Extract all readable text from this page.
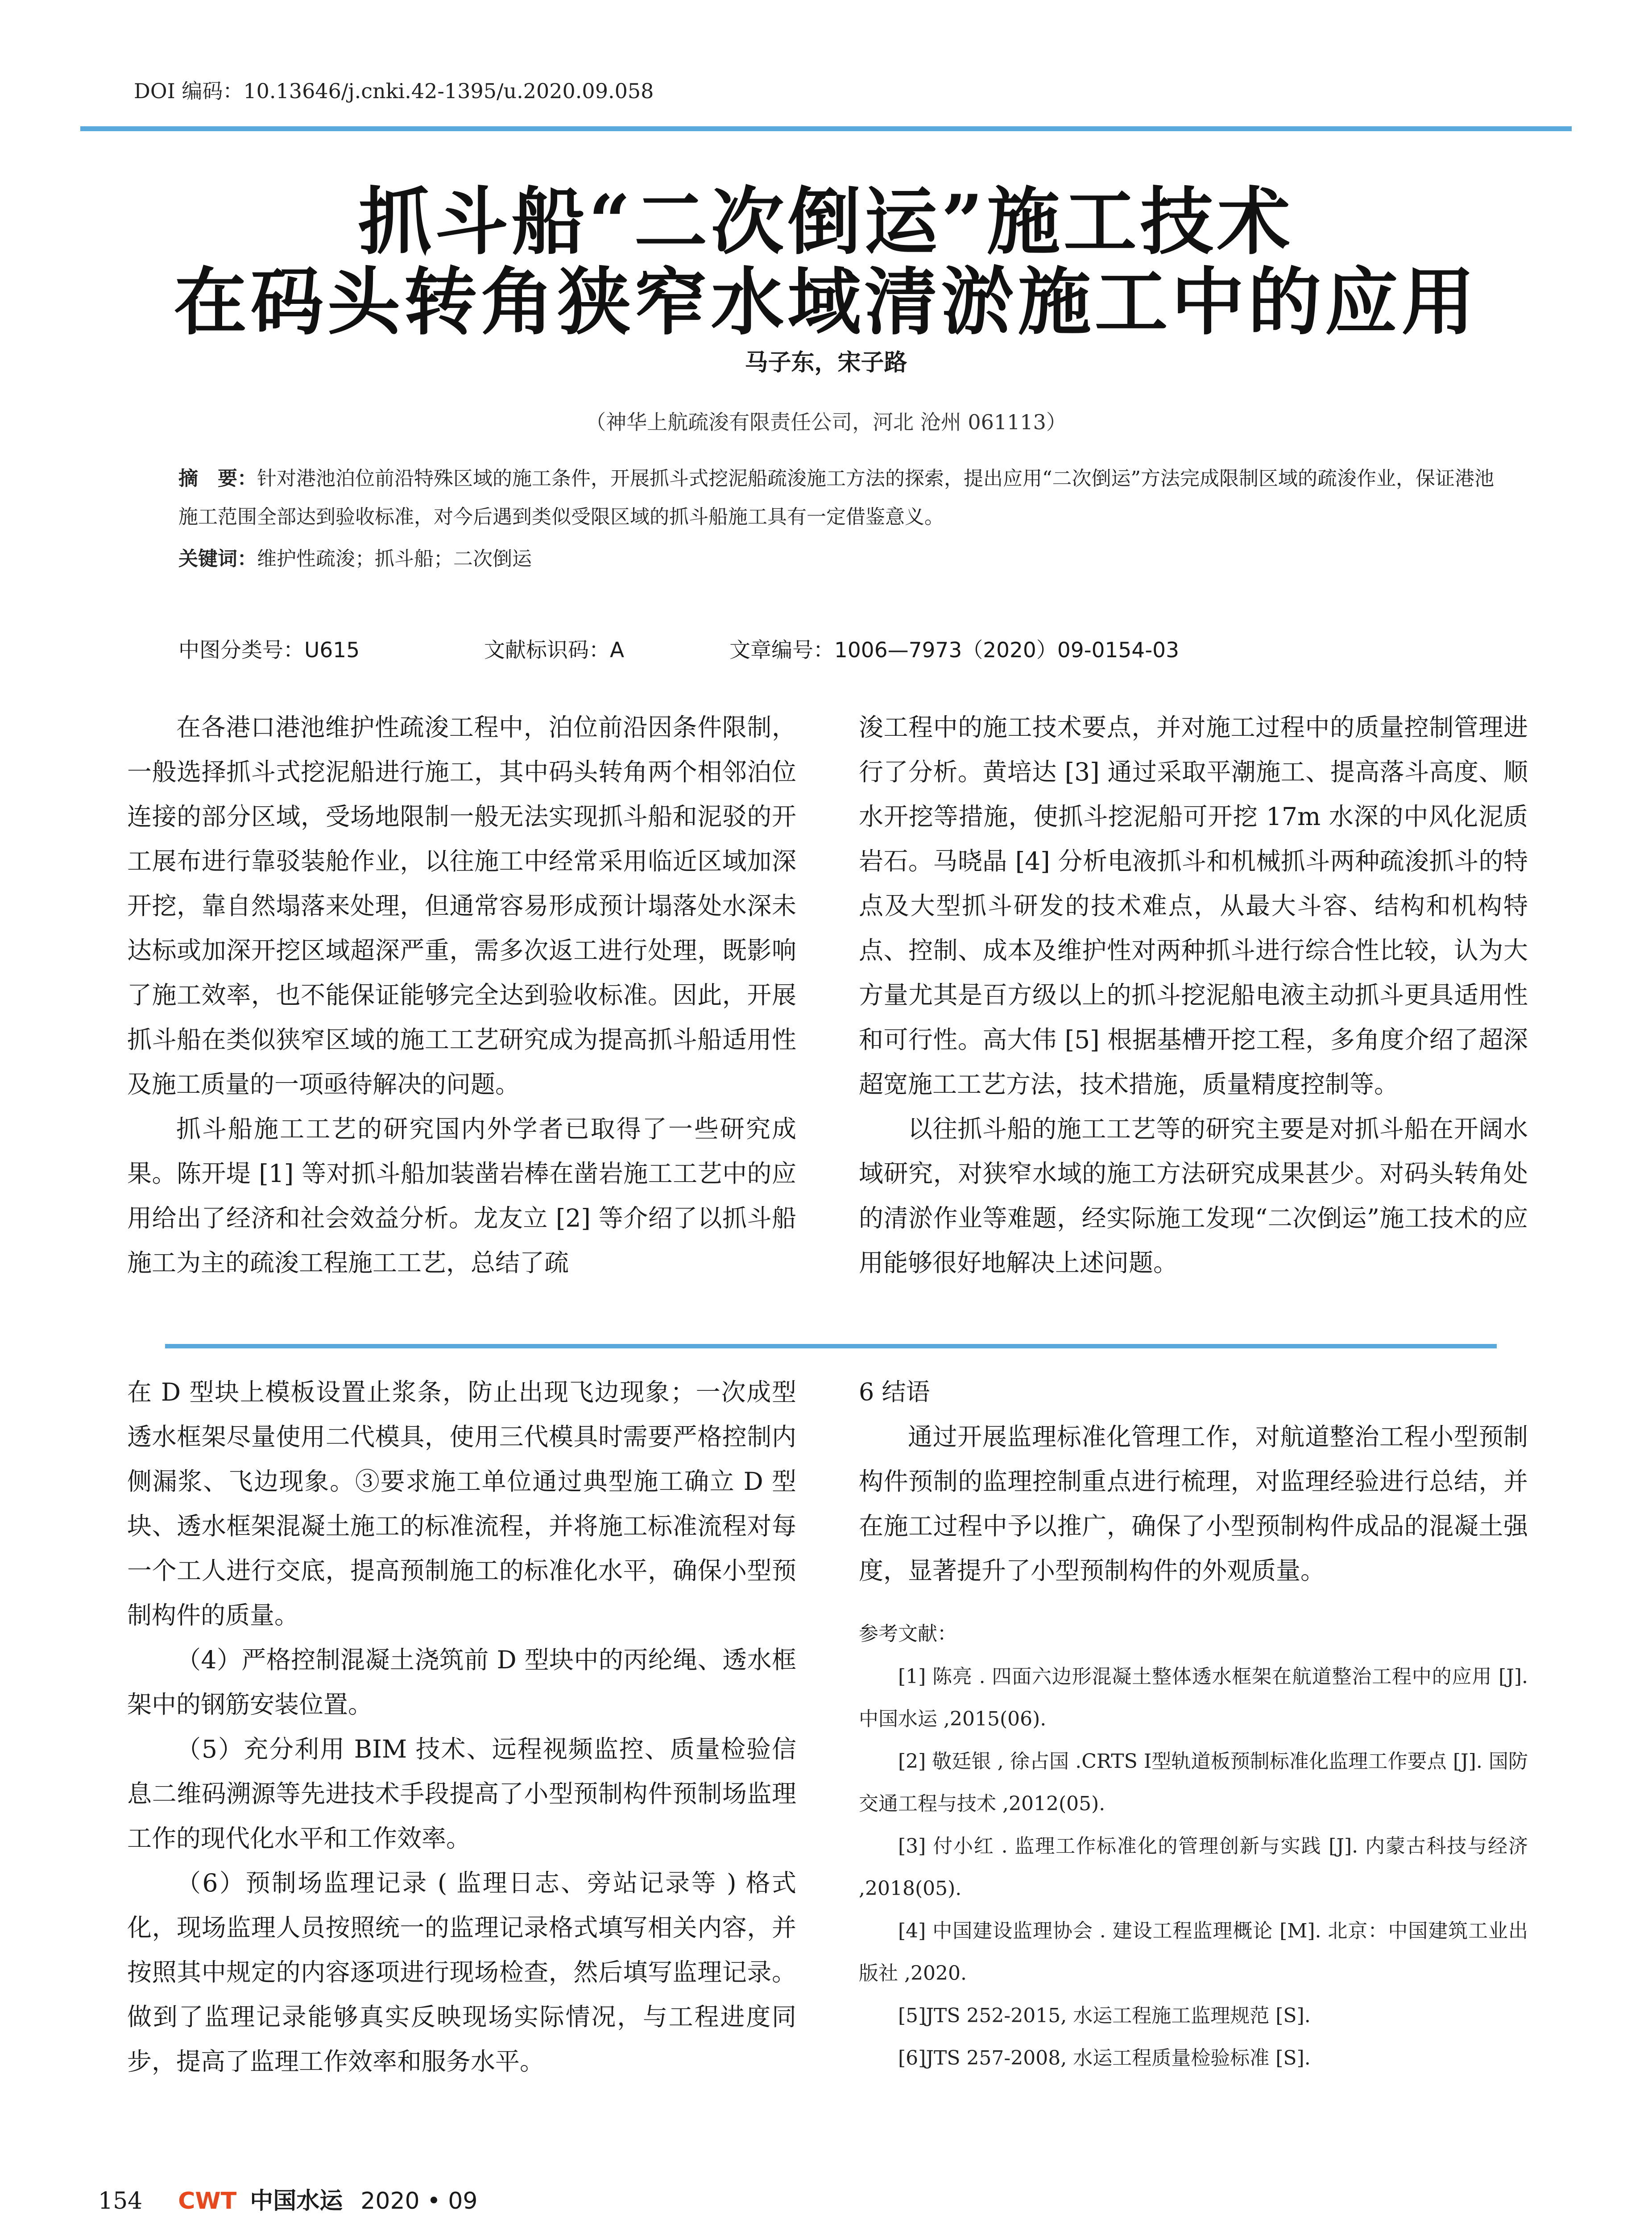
DOI 编码：10.13646/j.cnki.42-1395/u.2020.09.058
抓斗船“二次倒运”施工技术
在码头转角狭窄水域清淤施工中的应用
马子东，宋子路
（神华上航疏浚有限责任公司，河北 沧州 061113）
摘　要：针对港池泊位前沿特殊区域的施工条件，开展抓斗式挖泥船疏浚施工方法的探索，提出应用“二次倒运”方法完成限制区域的疏浚作业，保证港池施工范围全部达到验收标准，对今后遇到类似受限区域的抓斗船施工具有一定借鉴意义。
关键词：维护性疏浚；抓斗船；二次倒运
中图分类号：U615	文献标识码：A	文章编号：1006—7973（2020）09-0154-03

在各港口港池维护性疏浚工程中，泊位前沿因条件限制，一般选择抓斗式挖泥船进行施工，其中码头转角两个相邻泊位连接的部分区域，受场地限制一般无法实现抓斗船和泥驳的开工展布进行靠驳装舱作业，以往施工中经常采用临近区域加深开挖，靠自然塌落来处理，但通常容易形成预计塌落处水深未达标或加深开挖区域超深严重，需多次返工进行处理，既影响了施工效率，也不能保证能够完全达到验收标准。因此，开展抓斗船在类似狭窄区域的施工工艺研究成为提高抓斗船适用性及施工质量的一项亟待解决的问题。

抓斗船施工工艺的研究国内外学者已取得了一些研究成果。陈开堤 [1] 等对抓斗船加装凿岩棒在凿岩施工工艺中的应用给出了经济和社会效益分析。龙友立 [2] 等介绍了以抓斗船施工为主的疏浚工程施工工艺，总结了疏

浚工程中的施工技术要点，并对施工过程中的质量控制管理进行了分析。黄培达 [3] 通过采取平潮施工、提高落斗高度、顺水开挖等措施，使抓斗挖泥船可开挖 17m 水深的中风化泥质岩石。马晓晶 [4] 分析电液抓斗和机械抓斗两种疏浚抓斗的特点及大型抓斗研发的技术难点，从最大斗容、结构和机构特点、控制、成本及维护性对两种抓斗进行综合性比较，认为大方量尤其是百方级以上的抓斗挖泥船电液主动抓斗更具适用性和可行性。高大伟 [5] 根据基槽开挖工程，多角度介绍了超深超宽施工工艺方法，技术措施，质量精度控制等。

以往抓斗船的施工工艺等的研究主要是对抓斗船在开阔水域研究，对狭窄水域的施工方法研究成果甚少。对码头转角处的清淤作业等难题，经实际施工发现“二次倒运”施工技术的应用能够很好地解决上述问题。

在 D 型块上模板设置止浆条，防止出现飞边现象；一次成型透水框架尽量使用二代模具，使用三代模具时需要严格控制内侧漏浆、飞边现象。③要求施工单位通过典型施工确立 D 型块、透水框架混凝土施工的标准流程，并将施工标准流程对每一个工人进行交底，提高预制施工的标准化水平，确保小型预制构件的质量。

（4）严格控制混凝土浇筑前 D 型块中的丙纶绳、透水框架中的钢筋安装位置。

（5）充分利用 BIM 技术、远程视频监控、质量检验信息二维码溯源等先进技术手段提高了小型预制构件预制场监理工作的现代化水平和工作效率。

（6）预制场监理记录 ( 监理日志、旁站记录等 ) 格式化，现场监理人员按照统一的监理记录格式填写相关内容，并按照其中规定的内容逐项进行现场检查，然后填写监理记录。做到了监理记录能够真实反映现场实际情况，与工程进度同步，提高了监理工作效率和服务水平。

6 结语

通过开展监理标准化管理工作，对航道整治工程小型预制构件预制的监理控制重点进行梳理，对监理经验进行总结，并在施工过程中予以推广，确保了小型预制构件成品的混凝土强度，显著提升了小型预制构件的外观质量。

参考文献：

[1] 陈亮 . 四面六边形混凝土整体透水框架在航道整治工程中的应用 [J]. 中国水运 ,2015(06).

[2] 敬廷银 , 徐占国 .CRTS Ⅰ型轨道板预制标准化监理工作要点 [J]. 国防交通工程与技术 ,2012(05).

[3] 付小红 . 监理工作标准化的管理创新与实践 [J]. 内蒙古科技与经济 ,2018(05).

[4] 中国建设监理协会 . 建设工程监理概论 [M]. 北京：中国建筑工业出版社 ,2020.

[5]JTS 252-2015, 水运工程施工监理规范 [S].

[6]JTS 257-2008, 水运工程质量检验标准 [S].

154 CWT 中国水运 2020 • 09
